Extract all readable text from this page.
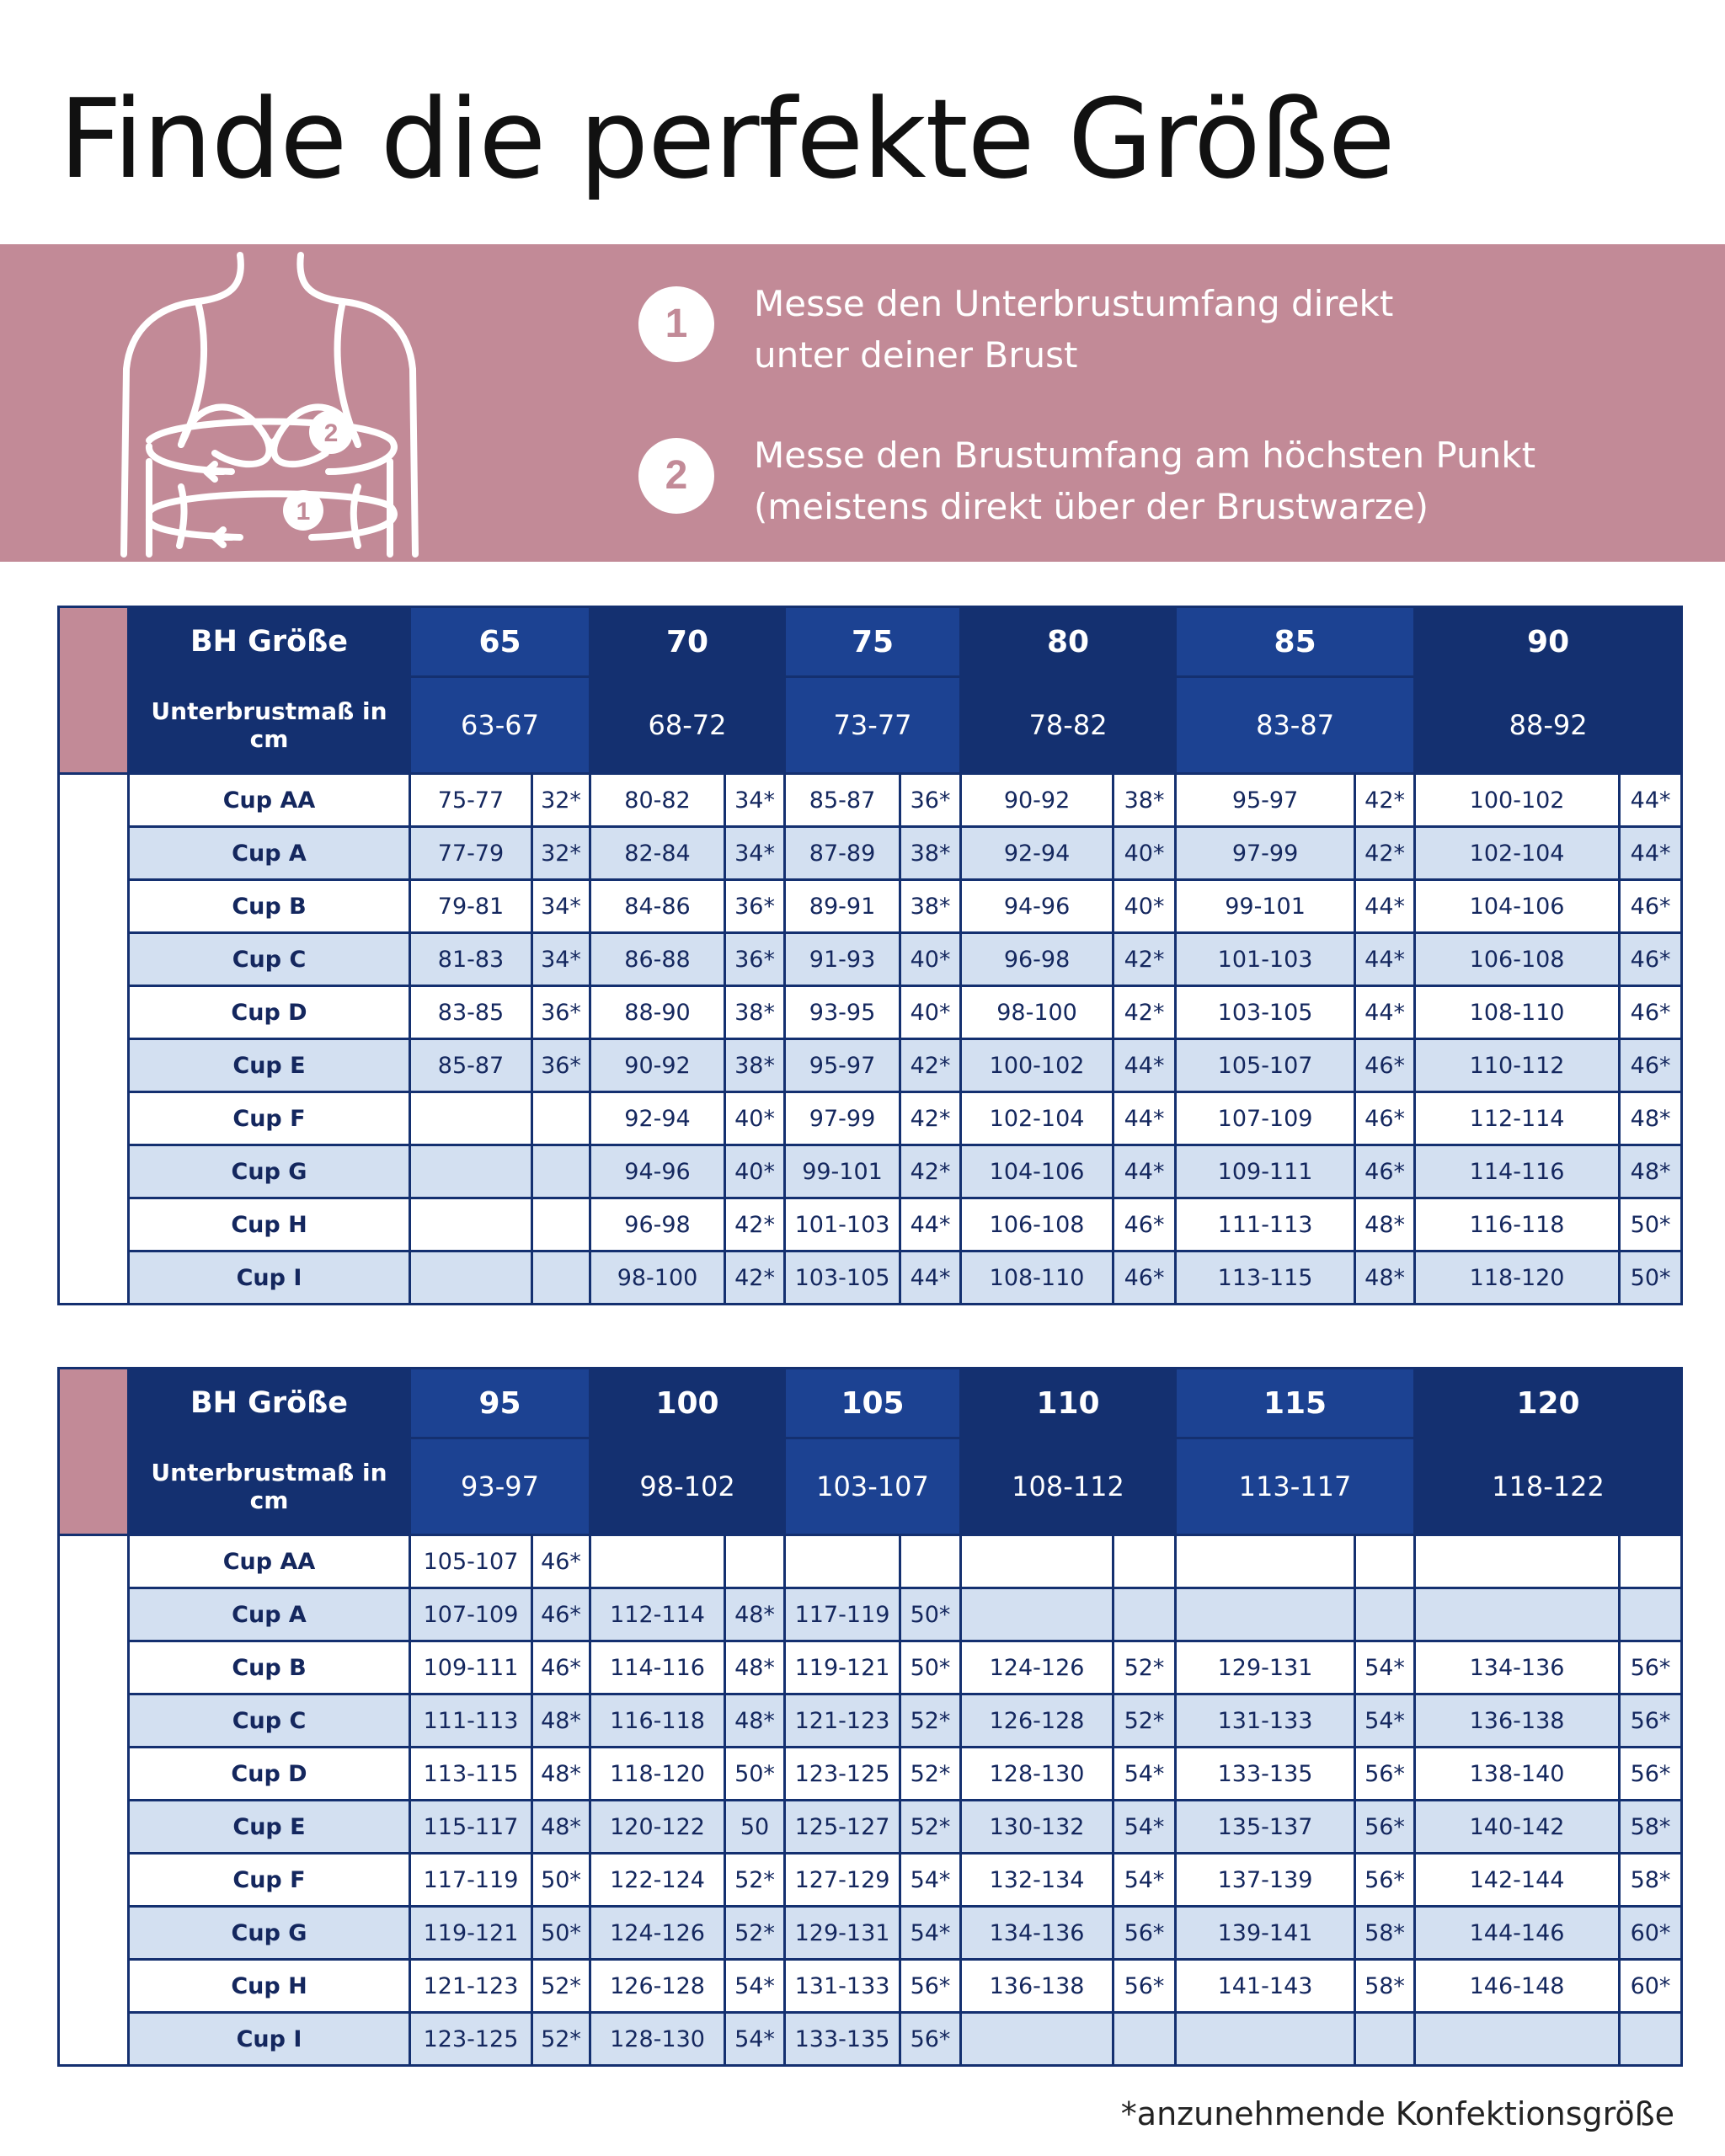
Finde die perfekte Größe
2
1
1	Messe den Unterbrustumfang direkt
unter deiner Brust
2	Messe den Brustumfang am höchsten Punkt
(meistens direkt über der Brustwarze)
	BH Größe	65		70		75		80		85		90	
	Unterbrustmaß in cm	63-67		68-72		73-77		78-82		83-87		88-92	

Überbrustmaß in cm	Cup AA	75-77	32*	80-82	34*	85-87	36*	90-92	38*	95-97	42*	100-102	44*
	Cup A	77-79	32*	82-84	34*	87-89	38*	92-94	40*	97-99	42*	102-104	44*
	Cup B	79-81	34*	84-86	36*	89-91	38*	94-96	40*	99-101	44*	104-106	46*
	Cup C	81-83	34*	86-88	36*	91-93	40*	96-98	42*	101-103	44*	106-108	46*
	Cup D	83-85	36*	88-90	38*	93-95	40*	98-100	42*	103-105	44*	108-110	46*
	Cup E	85-87	36*	90-92	38*	95-97	42*	100-102	44*	105-107	46*	110-112	46*
	Cup F			92-94	40*	97-99	42*	102-104	44*	107-109	46*	112-114	48*
	Cup G			94-96	40*	99-101	42*	104-106	44*	109-111	46*	114-116	48*
	Cup H			96-98	42*	101-103	44*	106-108	46*	111-113	48*	116-118	50*
	Cup I			98-100	42*	103-105	44*	108-110	46*	113-115	48*	118-120	50*
	BH Größe	95		100		105		110		115		120	
	Unterbrustmaß in cm	93-97		98-102		103-107		108-112		113-117		118-122	

Überbrustmaß in cm	Cup AA	105-107	46*										
	Cup A	107-109	46*	112-114	48*	117-119	50*						
	Cup B	109-111	46*	114-116	48*	119-121	50*	124-126	52*	129-131	54*	134-136	56*
	Cup C	111-113	48*	116-118	48*	121-123	52*	126-128	52*	131-133	54*	136-138	56*
	Cup D	113-115	48*	118-120	50*	123-125	52*	128-130	54*	133-135	56*	138-140	56*
	Cup E	115-117	48*	120-122	50	125-127	52*	130-132	54*	135-137	56*	140-142	58*
	Cup F	117-119	50*	122-124	52*	127-129	54*	132-134	54*	137-139	56*	142-144	58*
	Cup G	119-121	50*	124-126	52*	129-131	54*	134-136	56*	139-141	58*	144-146	60*
	Cup H	121-123	52*	126-128	54*	131-133	56*	136-138	56*	141-143	58*	146-148	60*
	Cup I	123-125	52*	128-130	54*	133-135	56*						
*anzunehmende Konfektionsgröße
